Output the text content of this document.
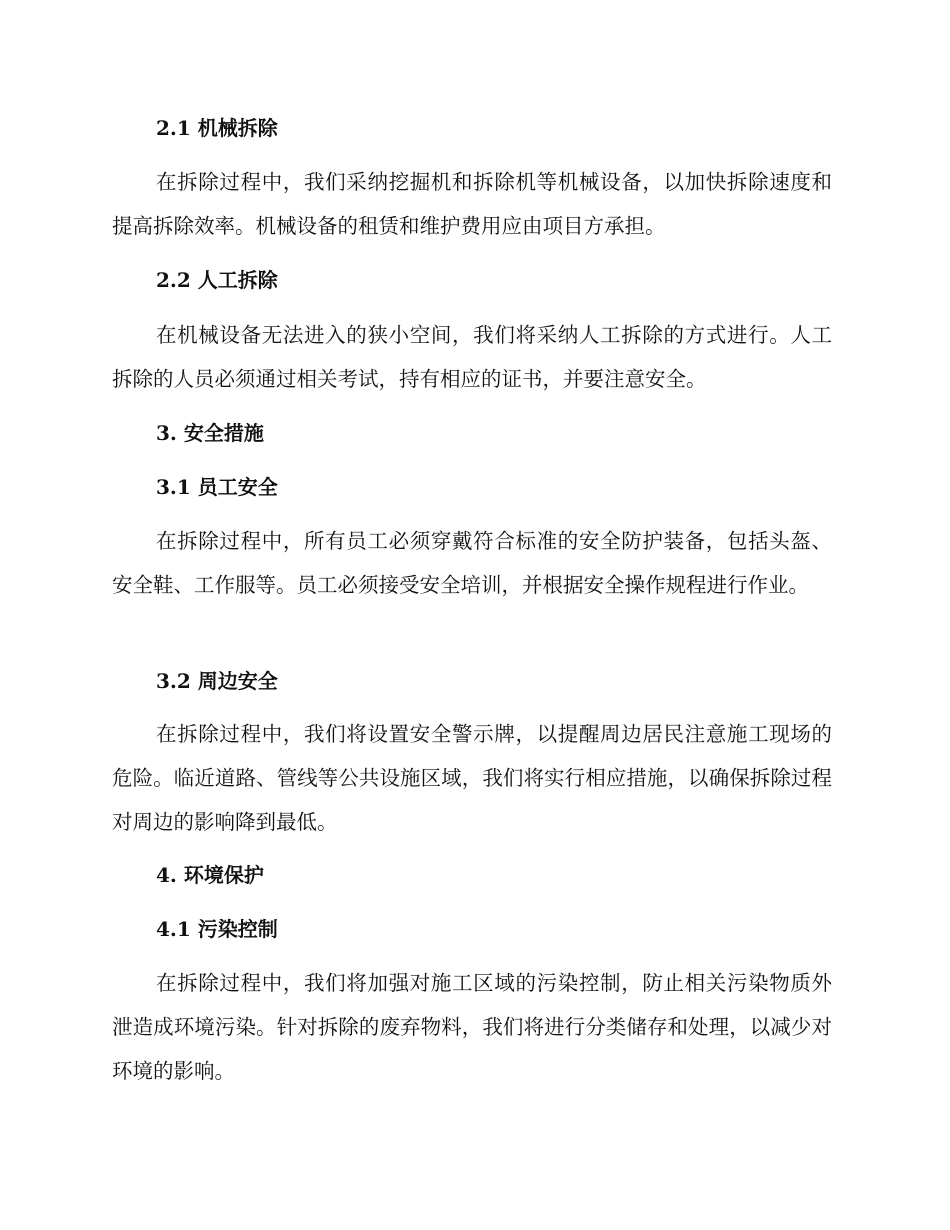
2.1 机械拆除

在拆除过程中，我们采纳挖掘机和拆除机等机械设备，以加快拆除速度和提高拆除效率。机械设备的租赁和维护费用应由项目方承担。

2.2 人工拆除

在机械设备无法进入的狭小空间，我们将采纳人工拆除的方式进行。人工拆除的人员必须通过相关考试，持有相应的证书，并要注意安全。

3. 安全措施
3.1 员工安全

在拆除过程中，所有员工必须穿戴符合标准的安全防护装备，包括头盔、安全鞋、工作服等。员工必须接受安全培训，并根据安全操作规程进行作业。

3.2 周边安全

在拆除过程中，我们将设置安全警示牌，以提醒周边居民注意施工现场的危险。临近道路、管线等公共设施区域，我们将实行相应措施，以确保拆除过程对周边的影响降到最低。

4. 环境保护
4.1 污染控制

在拆除过程中，我们将加强对施工区域的污染控制，防止相关污染物质外泄造成环境污染。针对拆除的废弃物料，我们将进行分类储存和处理，以减少对环境的影响。
